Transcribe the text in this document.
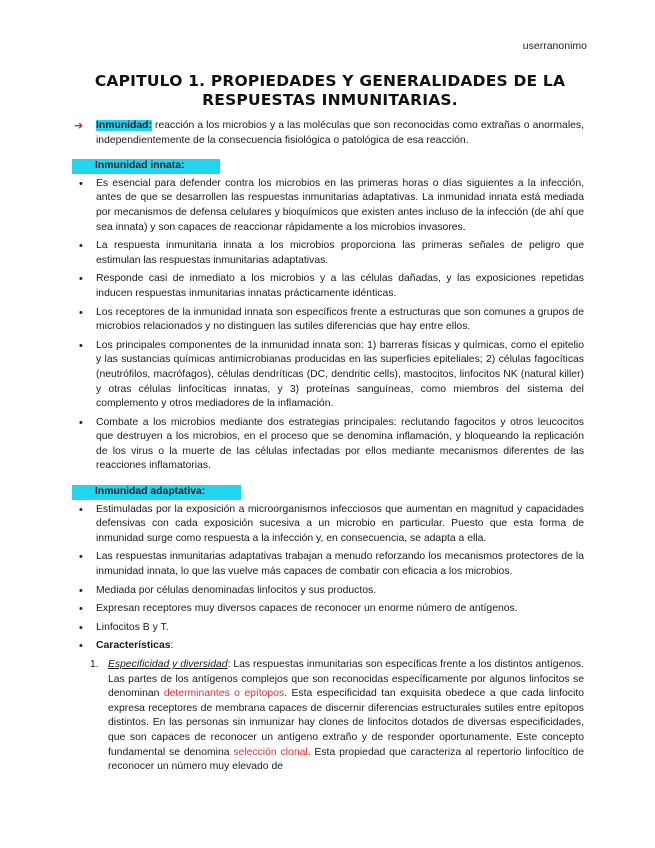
userranonimo
CAPITULO 1. PROPIEDADES Y GENERALIDADES DE LA RESPUESTAS INMUNITARIAS.
➜ Inmunidad: reacción a los microbios y a las moléculas que son reconocidas como extrañas o anormales, independientemente de la consecuencia fisiológica o patológica de esa reacción.
Inmunidad innata:
• Es esencial para defender contra los microbios en las primeras horas o días siguientes a la infección, antes de que se desarrollen las respuestas inmunitarias adaptativas. La inmunidad innata está mediada por mecanismos de defensa celulares y bioquímicos que existen antes incluso de la infección (de ahí que sea innata) y son capaces de reaccionar rápidamente a los microbios invasores.
• La respuesta inmunitaria innata a los microbios proporciona las primeras señales de peligro que estimulan las respuestas inmunitarias adaptativas.
• Responde casi de inmediato a los microbios y a las células dañadas, y las exposiciones repetidas inducen respuestas inmunitarias innatas prácticamente idénticas.
• Los receptores de la inmunidad innata son específicos frente a estructuras que son comunes a grupos de microbios relacionados y no distinguen las sutiles diferencias que hay entre ellos.
• Los principales componentes de la inmunidad innata son: 1) barreras físicas y químicas, como el epitelio y las sustancias químicas antimicrobianas producidas en las superficies epiteliales; 2) células fagocíticas (neutrófilos, macrófagos), células dendríticas (DC, dendritic cells), mastocitos, linfocitos NK (natural killer) y otras células linfocíticas innatas, y 3) proteínas sanguíneas, como miembros del sistema del complemento y otros mediadores de la inflamación.
• Combate a los microbios mediante dos estrategias principales: reclutando fagocitos y otros leucocitos que destruyen a los microbios, en el proceso que se denomina inflamación, y bloqueando la replicación de los virus o la muerte de las células infectadas por ellos mediante mecanismos diferentes de las reacciones inflamatorias.
Inmunidad adaptativa:
• Estimuladas por la exposición a microorganismos infecciosos que aumentan en magnitud y capacidades defensivas con cada exposición sucesiva a un microbio en particular. Puesto que esta forma de inmunidad surge como respuesta a la infección y, en consecuencia, se adapta a ella.
• Las respuestas inmunitarias adaptativas trabajan a menudo reforzando los mecanismos protectores de la inmunidad innata, lo que las vuelve más capaces de combatir con eficacia a los microbios.
• Mediada por células denominadas linfocitos y sus productos.
• Expresan receptores muy diversos capaces de reconocer un enorme número de antígenos.
• Linfocitos B y T.
• Características:
1. Especificidad y diversidad: Las respuestas inmunitarias son específicas frente a los distintos antígenos. Las partes de los antígenos complejos que son reconocidas específicamente por algunos linfocitos se denominan determinantes o epítopos. Esta especificidad tan exquisita obedece a que cada linfocito expresa receptores de membrana capaces de discernir diferencias estructurales sutiles entre epítopos distintos. En las personas sin inmunizar hay clones de linfocitos dotados de diversas especificidades, que son capaces de reconocer un antígeno extraño y de responder oportunamente. Este concepto fundamental se denomina selección clonal. Esta propiedad que caracteriza al repertorio linfocítico de reconocer un número muy elevado de
